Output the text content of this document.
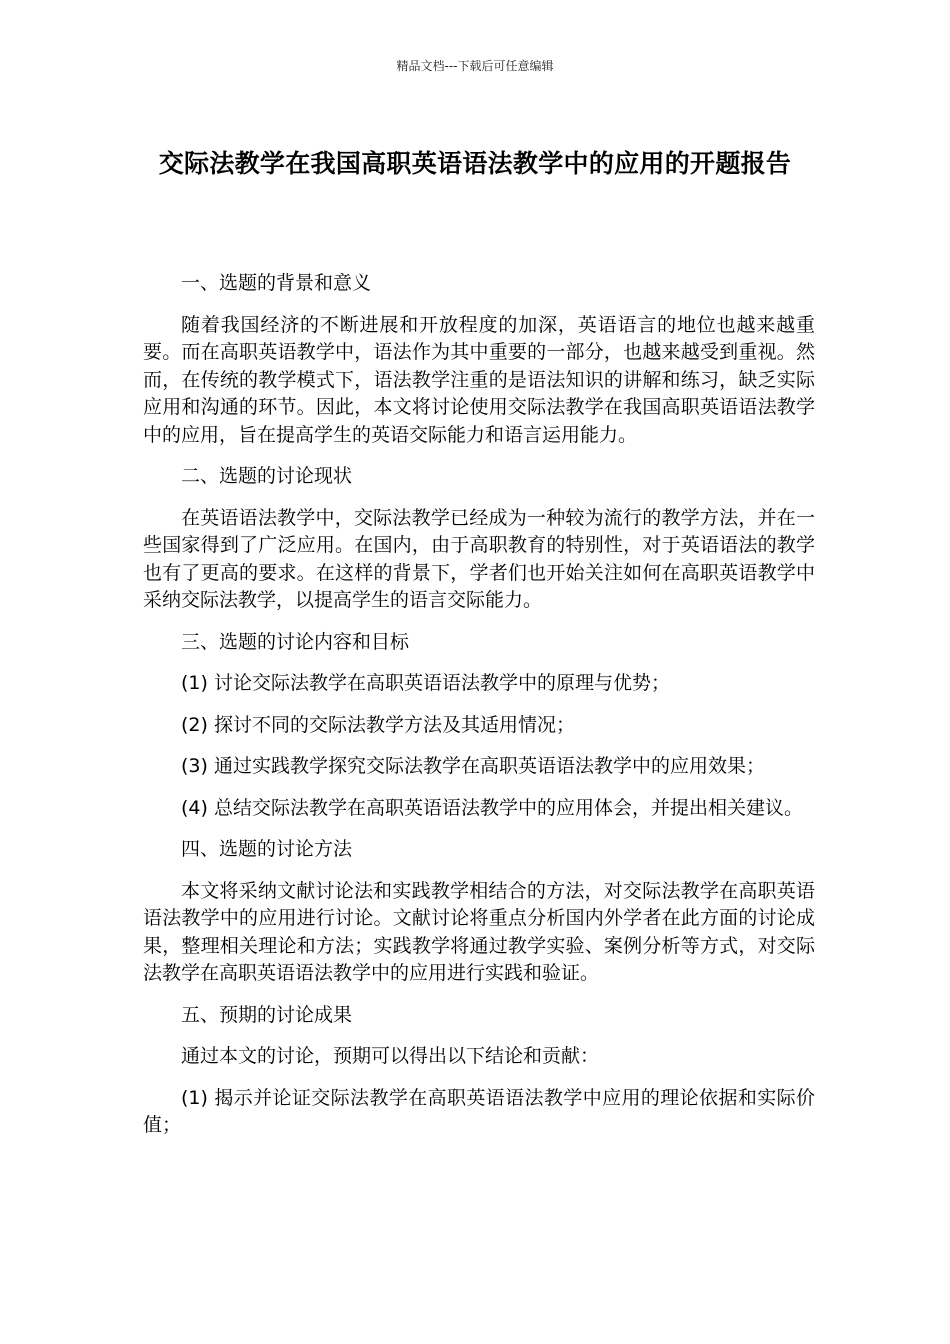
精品文档---下载后可任意编辑
交际法教学在我国高职英语语法教学中的应用的开题报告

一、选题的背景和意义

随着我国经济的不断进展和开放程度的加深，英语语言的地位也越来越重要。而在高职英语教学中，语法作为其中重要的一部分，也越来越受到重视。然而，在传统的教学模式下，语法教学注重的是语法知识的讲解和练习，缺乏实际应用和沟通的环节。因此，本文将讨论使用交际法教学在我国高职英语语法教学中的应用，旨在提高学生的英语交际能力和语言运用能力。

二、选题的讨论现状

在英语语法教学中，交际法教学已经成为一种较为流行的教学方法，并在一些国家得到了广泛应用。在国内，由于高职教育的特别性，对于英语语法的教学也有了更高的要求。在这样的背景下，学者们也开始关注如何在高职英语教学中采纳交际法教学，以提高学生的语言交际能力。

三、选题的讨论内容和目标

(1) 讨论交际法教学在高职英语语法教学中的原理与优势；

(2) 探讨不同的交际法教学方法及其适用情况；

(3) 通过实践教学探究交际法教学在高职英语语法教学中的应用效果；

(4) 总结交际法教学在高职英语语法教学中的应用体会，并提出相关建议。

四、选题的讨论方法

本文将采纳文献讨论法和实践教学相结合的方法，对交际法教学在高职英语语法教学中的应用进行讨论。文献讨论将重点分析国内外学者在此方面的讨论成果，整理相关理论和方法；实践教学将通过教学实验、案例分析等方式，对交际法教学在高职英语语法教学中的应用进行实践和验证。

五、预期的讨论成果

通过本文的讨论，预期可以得出以下结论和贡献：

(1) 揭示并论证交际法教学在高职英语语法教学中应用的理论依据和实际价值；
